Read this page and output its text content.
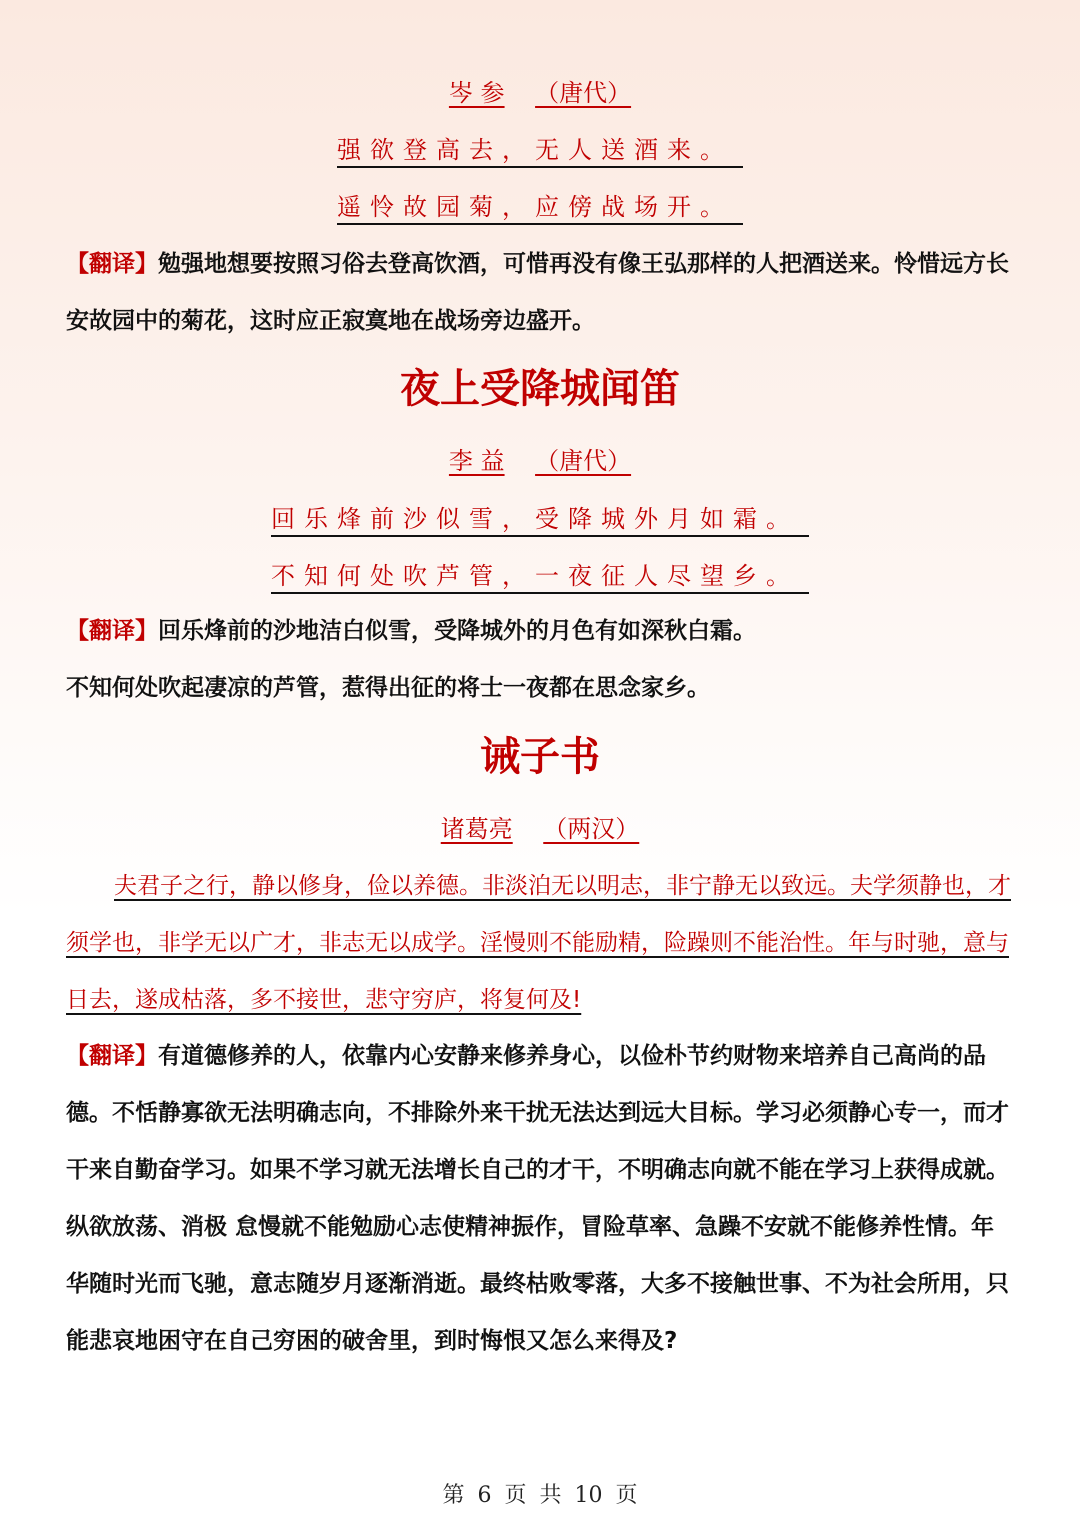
岑 参 （唐代）
强欲登高去，无人送酒来。
遥怜故园菊，应傍战场开。
【翻译】勉强地想要按照习俗去登高饮酒，可惜再没有像王弘那样的人把酒送来。怜惜远方长安故园中的菊花，这时应正寂寞地在战场旁边盛开。
夜上受降城闻笛
李 益 （唐代）
回乐烽前沙似雪，受降城外月如霜。
不知何处吹芦管，一夜征人尽望乡。
【翻译】回乐烽前的沙地洁白似雪，受降城外的月色有如深秋白霜。
不知何处吹起凄凉的芦管，惹得出征的将士一夜都在思念家乡。
诫子书
诸葛亮 （两汉）
夫君子之行，静以修身，俭以养德。非淡泊无以明志，非宁静无以致远。夫学须静也，才须学也，非学无以广才，非志无以成学。淫慢则不能励精，险躁则不能治性。年与时驰，意与日去，遂成枯落，多不接世，悲守穷庐，将复何及!
【翻译】有道德修养的人，依靠内心安静来修养身心，以俭朴节约财物来培养自己高尚的品德。不恬静寡欲无法明确志向，不排除外来干扰无法达到远大目标。学习必须静心专一，而才干来自勤奋学习。如果不学习就无法增长自己的才干，不明确志向就不能在学习上获得成就。纵欲放荡、消极 怠慢就不能勉励心志使精神振作，冒险草率、急躁不安就不能修养性情。年华随时光而飞驰，意志随岁月逐渐消逝。最终枯败零落，大多不接触世事、不为社会所用，只能悲哀地困守在自己穷困的破舍里，到时悔恨又怎么来得及?
第 6 页 共 10 页
